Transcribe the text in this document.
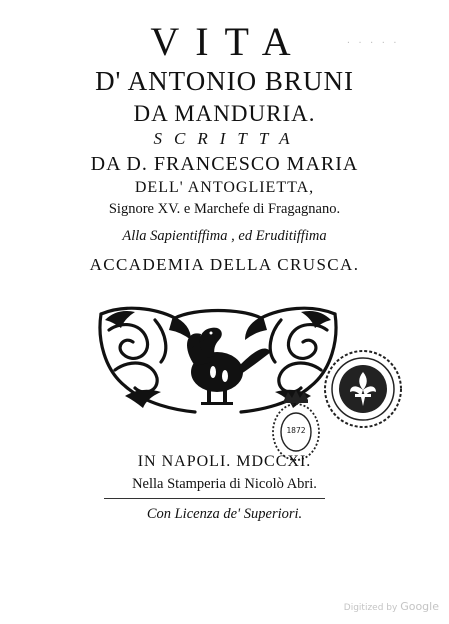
· · · · ·
VITA
D' ANTONIO BRUNI
DA MANDURIA.
SCRITTA
DA D. FRANCESCO MARIA
DELL' ANTOGLIETTA,
Signore XV. e Marchefe di Fragagnano.
Alla Sapientiffima , ed Eruditiffima
ACCADEMIA DELLA CRUSCA.
1872
IN NAPOLI. MDCCXI.
Nella Stamperia di Nicolò Abri.
Con Licenza de' Superiori.
Digitized by Google
